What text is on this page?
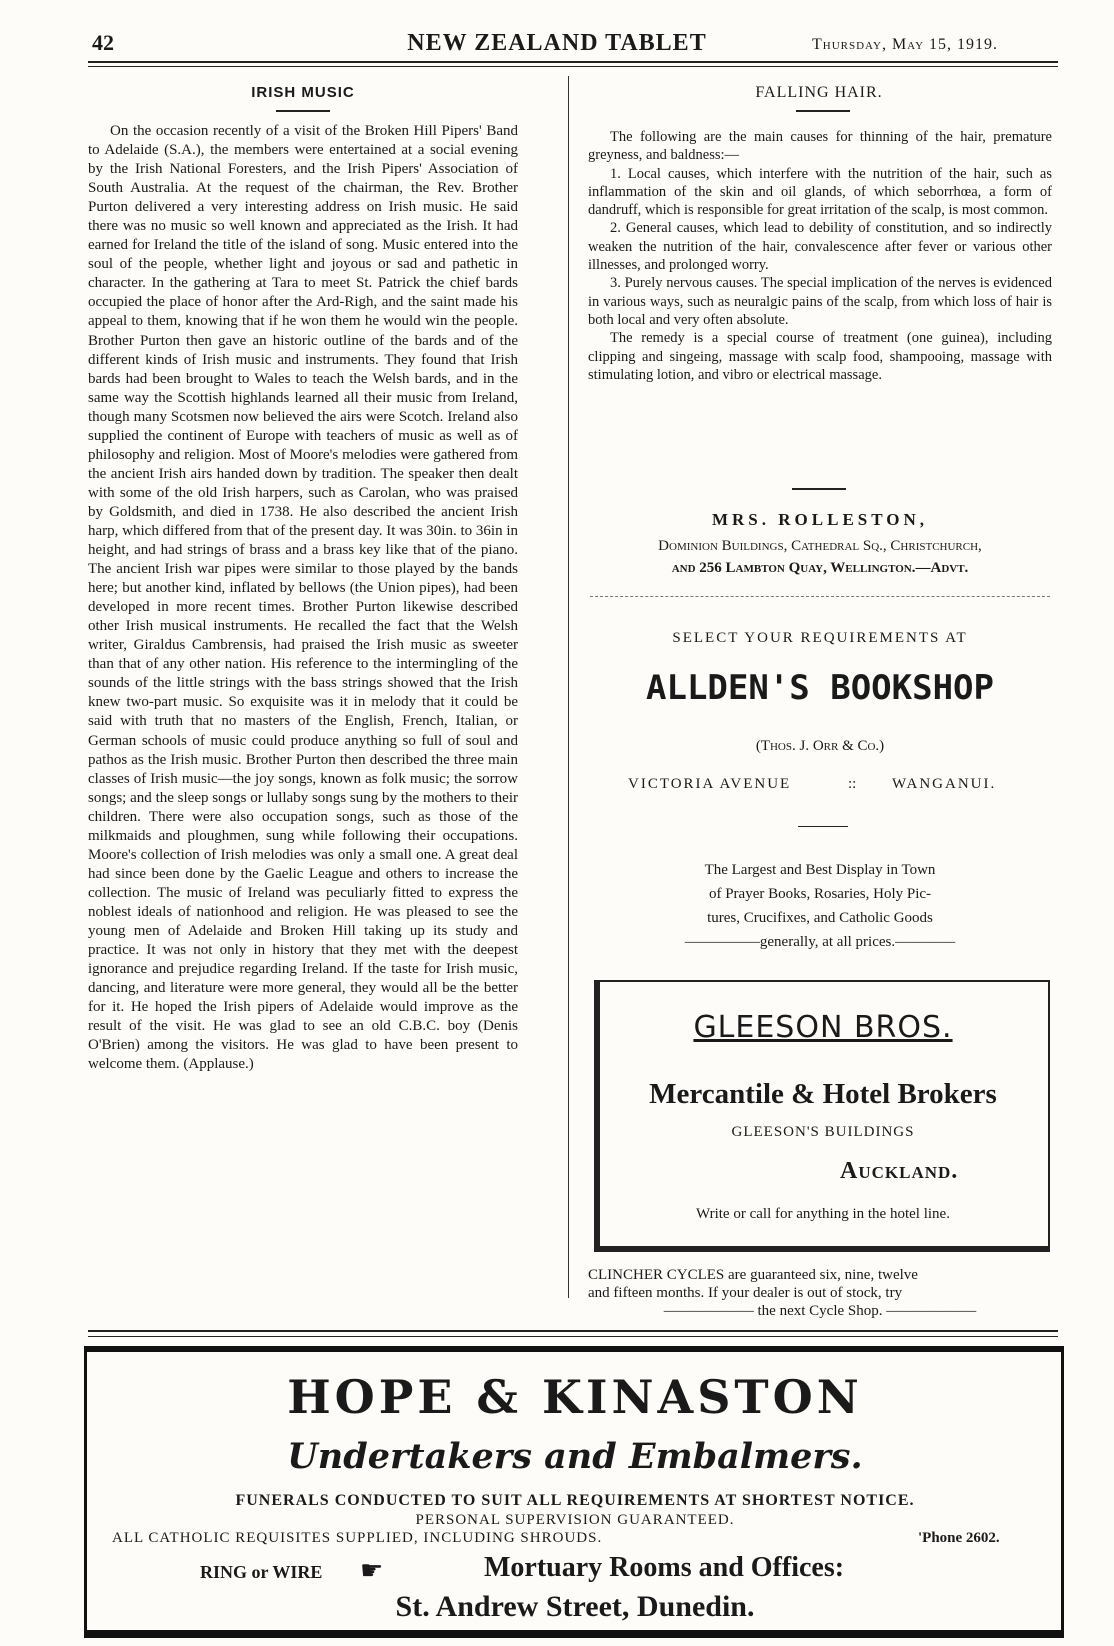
42	NEW ZEALAND TABLET	Thursday, May 15, 1919.
IRISH MUSIC

On the occasion recently of a visit of the Broken Hill Pipers' Band to Adelaide (S.A.), the members were entertained at a social evening by the Irish National Foresters, and the Irish Pipers' Association of South Australia. At the request of the chairman, the Rev. Brother Purton delivered a very interesting address on Irish music. He said there was no music so well known and appreciated as the Irish. It had earned for Ireland the title of the island of song. Music entered into the soul of the people, whether light and joyous or sad and pathetic in character. In the gathering at Tara to meet St. Patrick the chief bards occupied the place of honor after the Ard-Righ, and the saint made his appeal to them, knowing that if he won them he would win the people. Brother Purton then gave an historic outline of the bards and of the different kinds of Irish music and instruments. They found that Irish bards had been brought to Wales to teach the Welsh bards, and in the same way the Scottish highlands learned all their music from Ireland, though many Scotsmen now believed the airs were Scotch. Ireland also supplied the continent of Europe with teachers of music as well as of philosophy and religion. Most of Moore's melodies were gathered from the ancient Irish airs handed down by tradition. The speaker then dealt with some of the old Irish harpers, such as Carolan, who was praised by Goldsmith, and died in 1738. He also described the ancient Irish harp, which differed from that of the present day. It was 30in. to 36in in height, and had strings of brass and a brass key like that of the piano. The ancient Irish war pipes were similar to those played by the bands here; but another kind, inflated by bellows (the Union pipes), had been developed in more recent times. Brother Purton likewise described other Irish musical instruments. He recalled the fact that the Welsh writer, Giraldus Cambrensis, had praised the Irish music as sweeter than that of any other nation. His reference to the intermingling of the sounds of the little strings with the bass strings showed that the Irish knew two-part music. So exquisite was it in melody that it could be said with truth that no masters of the English, French, Italian, or German schools of music could produce anything so full of soul and pathos as the Irish music. Brother Purton then described the three main classes of Irish music—the joy songs, known as folk music; the sorrow songs; and the sleep songs or lullaby songs sung by the mothers to their children. There were also occupation songs, such as those of the milkmaids and ploughmen, sung while following their occupations. Moore's collection of Irish melodies was only a small one. A great deal had since been done by the Gaelic League and others to increase the collection. The music of Ireland was peculiarly fitted to express the noblest ideals of nationhood and religion. He was pleased to see the young men of Adelaide and Broken Hill taking up its study and practice. It was not only in history that they met with the deepest ignorance and prejudice regarding Ireland. If the taste for Irish music, dancing, and literature were more general, they would all be the better for it. He hoped the Irish pipers of Adelaide would improve as the result of the visit. He was glad to see an old C.B.C. boy (Denis O'Brien) among the visitors. He was glad to have been present to welcome them. (Applause.)

FALLING HAIR.

The following are the main causes for thinning of the hair, premature greyness, and baldness:—

1. Local causes, which interfere with the nutrition of the hair, such as inflammation of the skin and oil glands, of which seborrhœa, a form of dandruff, which is responsible for great irritation of the scalp, is most common.

2. General causes, which lead to debility of constitution, and so indirectly weaken the nutrition of the hair, convalescence after fever or various other illnesses, and prolonged worry.

3. Purely nervous causes. The special implication of the nerves is evidenced in various ways, such as neuralgic pains of the scalp, from which loss of hair is both local and very often absolute.

The remedy is a special course of treatment (one guinea), including clipping and singeing, massage with scalp food, shampooing, massage with stimulating lotion, and vibro or electrical massage.

MRS. ROLLESTON,
Dominion Buildings, Cathedral Sq., Christchurch,
and 256 Lambton Quay, Wellington.—Advt.
SELECT YOUR REQUIREMENTS AT
ALLDEN'S BOOKSHOP
(Thos. J. Orr & Co.)
VICTORIA AVENUE	:: WANGANUI.
The Largest and Best Display in Town
of Prayer Books, Rosaries, Holy Pic-
tures, Crucifixes, and Catholic Goods
—————generally, at all prices.————
GLEESON BROS.
Mercantile & Hotel Brokers
GLEESON'S BUILDINGS
Auckland.
Write or call for anything in the hotel line.
CLINCHER CYCLES are guaranteed six, nine, twelve
and fifteen months. If your dealer is out of stock, try
—————— the next Cycle Shop. ——————
HOPE & KINASTON
Undertakers and Embalmers.
FUNERALS CONDUCTED TO SUIT ALL REQUIREMENTS AT SHORTEST NOTICE.
PERSONAL SUPERVISION GUARANTEED.
ALL CATHOLIC REQUISITES SUPPLIED, INCLUDING SHROUDS.	'Phone 2602.
RING or WIRE ☛	Mortuary Rooms and Offices:
St. Andrew Street, Dunedin.
